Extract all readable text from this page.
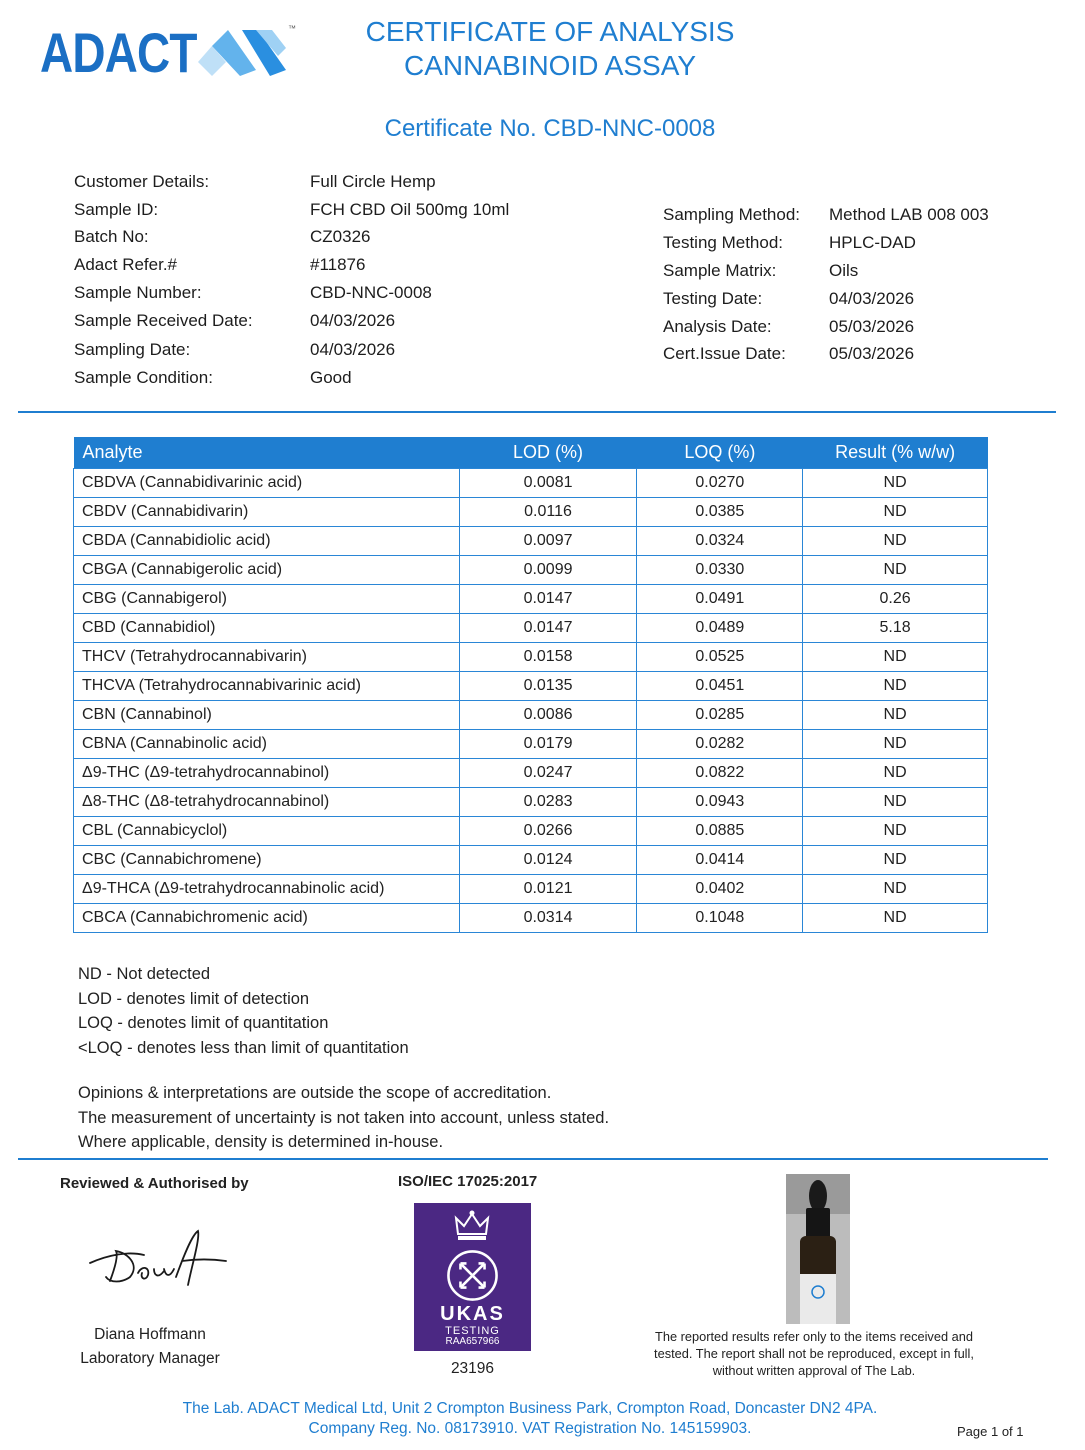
ADACT	™	CERTIFICATE OF ANALYSIS
CANNABINOID ASSAY
Certificate No. CBD-NNC-0008
Customer Details:	Full Circle Hemp
Sample ID:	FCH CBD Oil 500mg 10ml
Batch No:	CZ0326
Adact Refer.#	#11876
Sample Number:	CBD-NNC-0008
Sample Received Date:	04/03/2026
Sampling Date:	04/03/2026
Sample Condition:	Good
Sampling Method: Method LAB 008 003
Testing Method:	HPLC-DAD
Sample Matrix:	Oils
Testing Date:	04/03/2026
Analysis Date:	05/03/2026
Cert.Issue Date:	05/03/2026
Analyte	LOD (%)	LOQ (%)	Result (% w/w)
CBDVA (Cannabidivarinic acid)	0.0081	0.0270	ND
CBDV (Cannabidivarin)	0.0116	0.0385	ND
CBDA (Cannabidiolic acid)	0.0097	0.0324	ND
CBGA (Cannabigerolic acid)	0.0099	0.0330	ND
CBG (Cannabigerol)	0.0147	0.0491	0.26
CBD (Cannabidiol)	0.0147	0.0489	5.18
THCV (Tetrahydrocannabivarin)	0.0158	0.0525	ND
THCVA (Tetrahydrocannabivarinic acid)	0.0135	0.0451	ND
CBN (Cannabinol)	0.0086	0.0285	ND
CBNA (Cannabinolic acid)	0.0179	0.0282	ND
Δ9-THC (Δ9-tetrahydrocannabinol)	0.0247	0.0822	ND
Δ8-THC (Δ8-tetrahydrocannabinol)	0.0283	0.0943	ND
CBL (Cannabicyclol)	0.0266	0.0885	ND
CBC (Cannabichromene)	0.0124	0.0414	ND
Δ9-THCA (Δ9-tetrahydrocannabinolic acid)	0.0121	0.0402	ND
CBCA (Cannabichromenic acid)	0.0314	0.1048	ND
ND - Not detected
LOD - denotes limit of detection
LOQ - denotes limit of quantitation
<LOQ - denotes less than limit of quantitation
Opinions & interpretations are outside the scope of accreditation.
The measurement of uncertainty is not taken into account, unless stated.
Where applicable, density is determined in-house.
Reviewed & Authorised by
Diana Hoffmann
Laboratory Manager
ISO/IEC 17025:2017
UKAS
TESTING
RAA657966
23196
The reported results refer only to the items received and
tested. The report shall not be reproduced, except in full,
without written approval of The Lab.
The Lab. ADACT Medical Ltd, Unit 2 Crompton Business Park, Crompton Road, Doncaster DN2 4PA.
Company Reg. No. 08173910. VAT Registration No. 145159903.	Page 1 of 1
